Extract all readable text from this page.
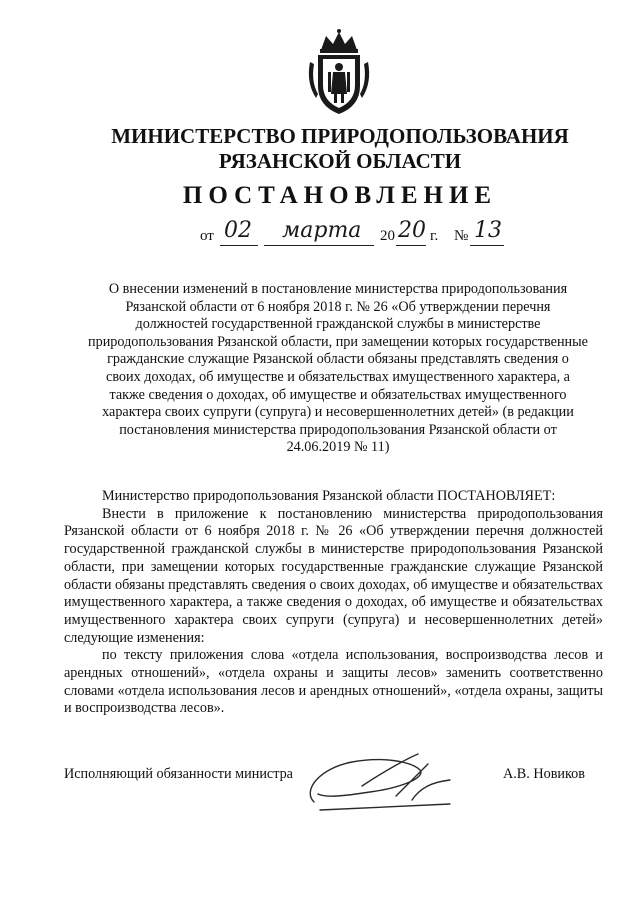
МИНИСТЕРСТВО ПРИРОДОПОЛЬЗОВАНИЯ
РЯЗАНСКОЙ ОБЛАСТИ
ПОСТАНОВЛЕНИЕ
от 02 марта 20 20 г. № 13
О внесении изменений в постановление министерства природопользования Рязанской области от 6 ноября 2018 г. № 26 «Об утверждении перечня должностей государственной гражданской службы в министерстве природопользования Рязанской области, при замещении которых государственные гражданские служащие Рязанской области обязаны представлять сведения о своих доходах, об имуществе и обязательствах имущественного характера, а также сведения о доходах, об имуществе и обязательствах имущественного характера своих супруги (супруга) и несовершеннолетних детей» (в редакции постановления министерства природопользования Рязанской области от 24.06.2019 № 11)

Министерство природопользования Рязанской области ПОСТАНОВЛЯЕТ:

Внести в приложение к постановлению министерства природопользования Рязанской области от 6 ноября 2018 г. № 26 «Об утверждении перечня должностей государственной гражданской службы в министерстве природопользования Рязанской области, при замещении которых государственные гражданские служащие Рязанской области обязаны представлять сведения о своих доходах, об имуществе и обязательствах имущественного характера, а также сведения о доходах, об имуществе и обязательствах имущественного характера своих супруги (супруга) и несовершеннолетних детей» следующие изменения:

по тексту приложения слова «отдела использования, воспроизводства лесов и арендных отношений», «отдела охраны и защиты лесов» заменить соответственно словами «отдела использования лесов и арендных отношений», «отдела охраны, защиты и воспроизводства лесов».

Исполняющий обязанности министра	А.В. Новиков
